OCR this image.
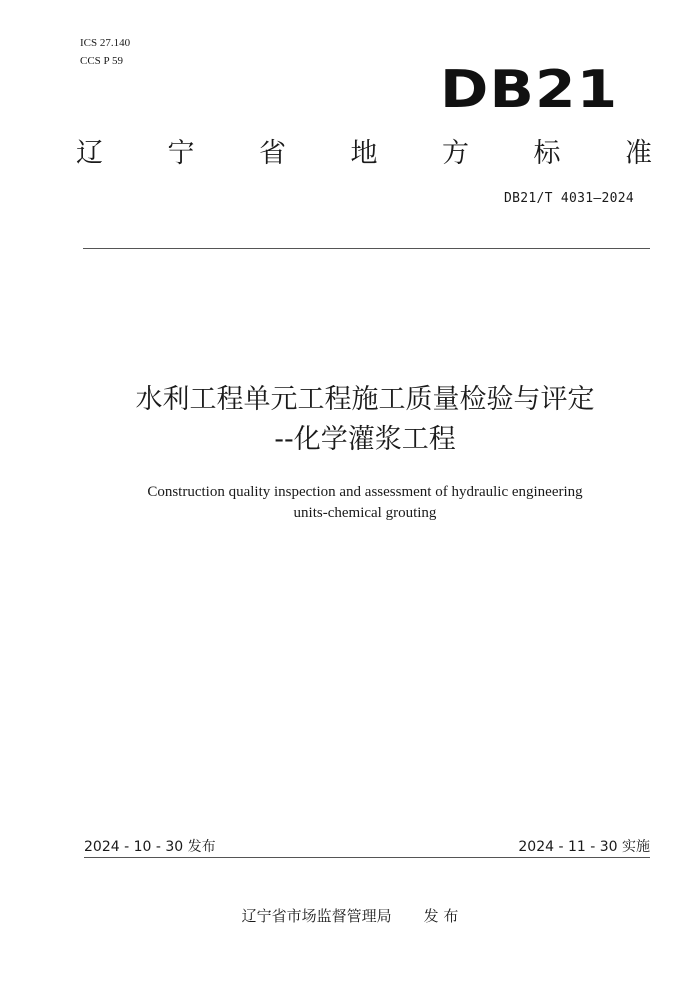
ICS 27.140
CCS P 59	DB21
辽 宁 省 地 方 标 准
DB21/T 4031—2024
水利工程单元工程施工质量检验与评定
--化学灌浆工程
Construction quality inspection and assessment of hydraulic engineering
units-chemical grouting
2024 - 10 - 30 发布	2024 - 11 - 30 实施
辽宁省市场监督管理局 发 布
